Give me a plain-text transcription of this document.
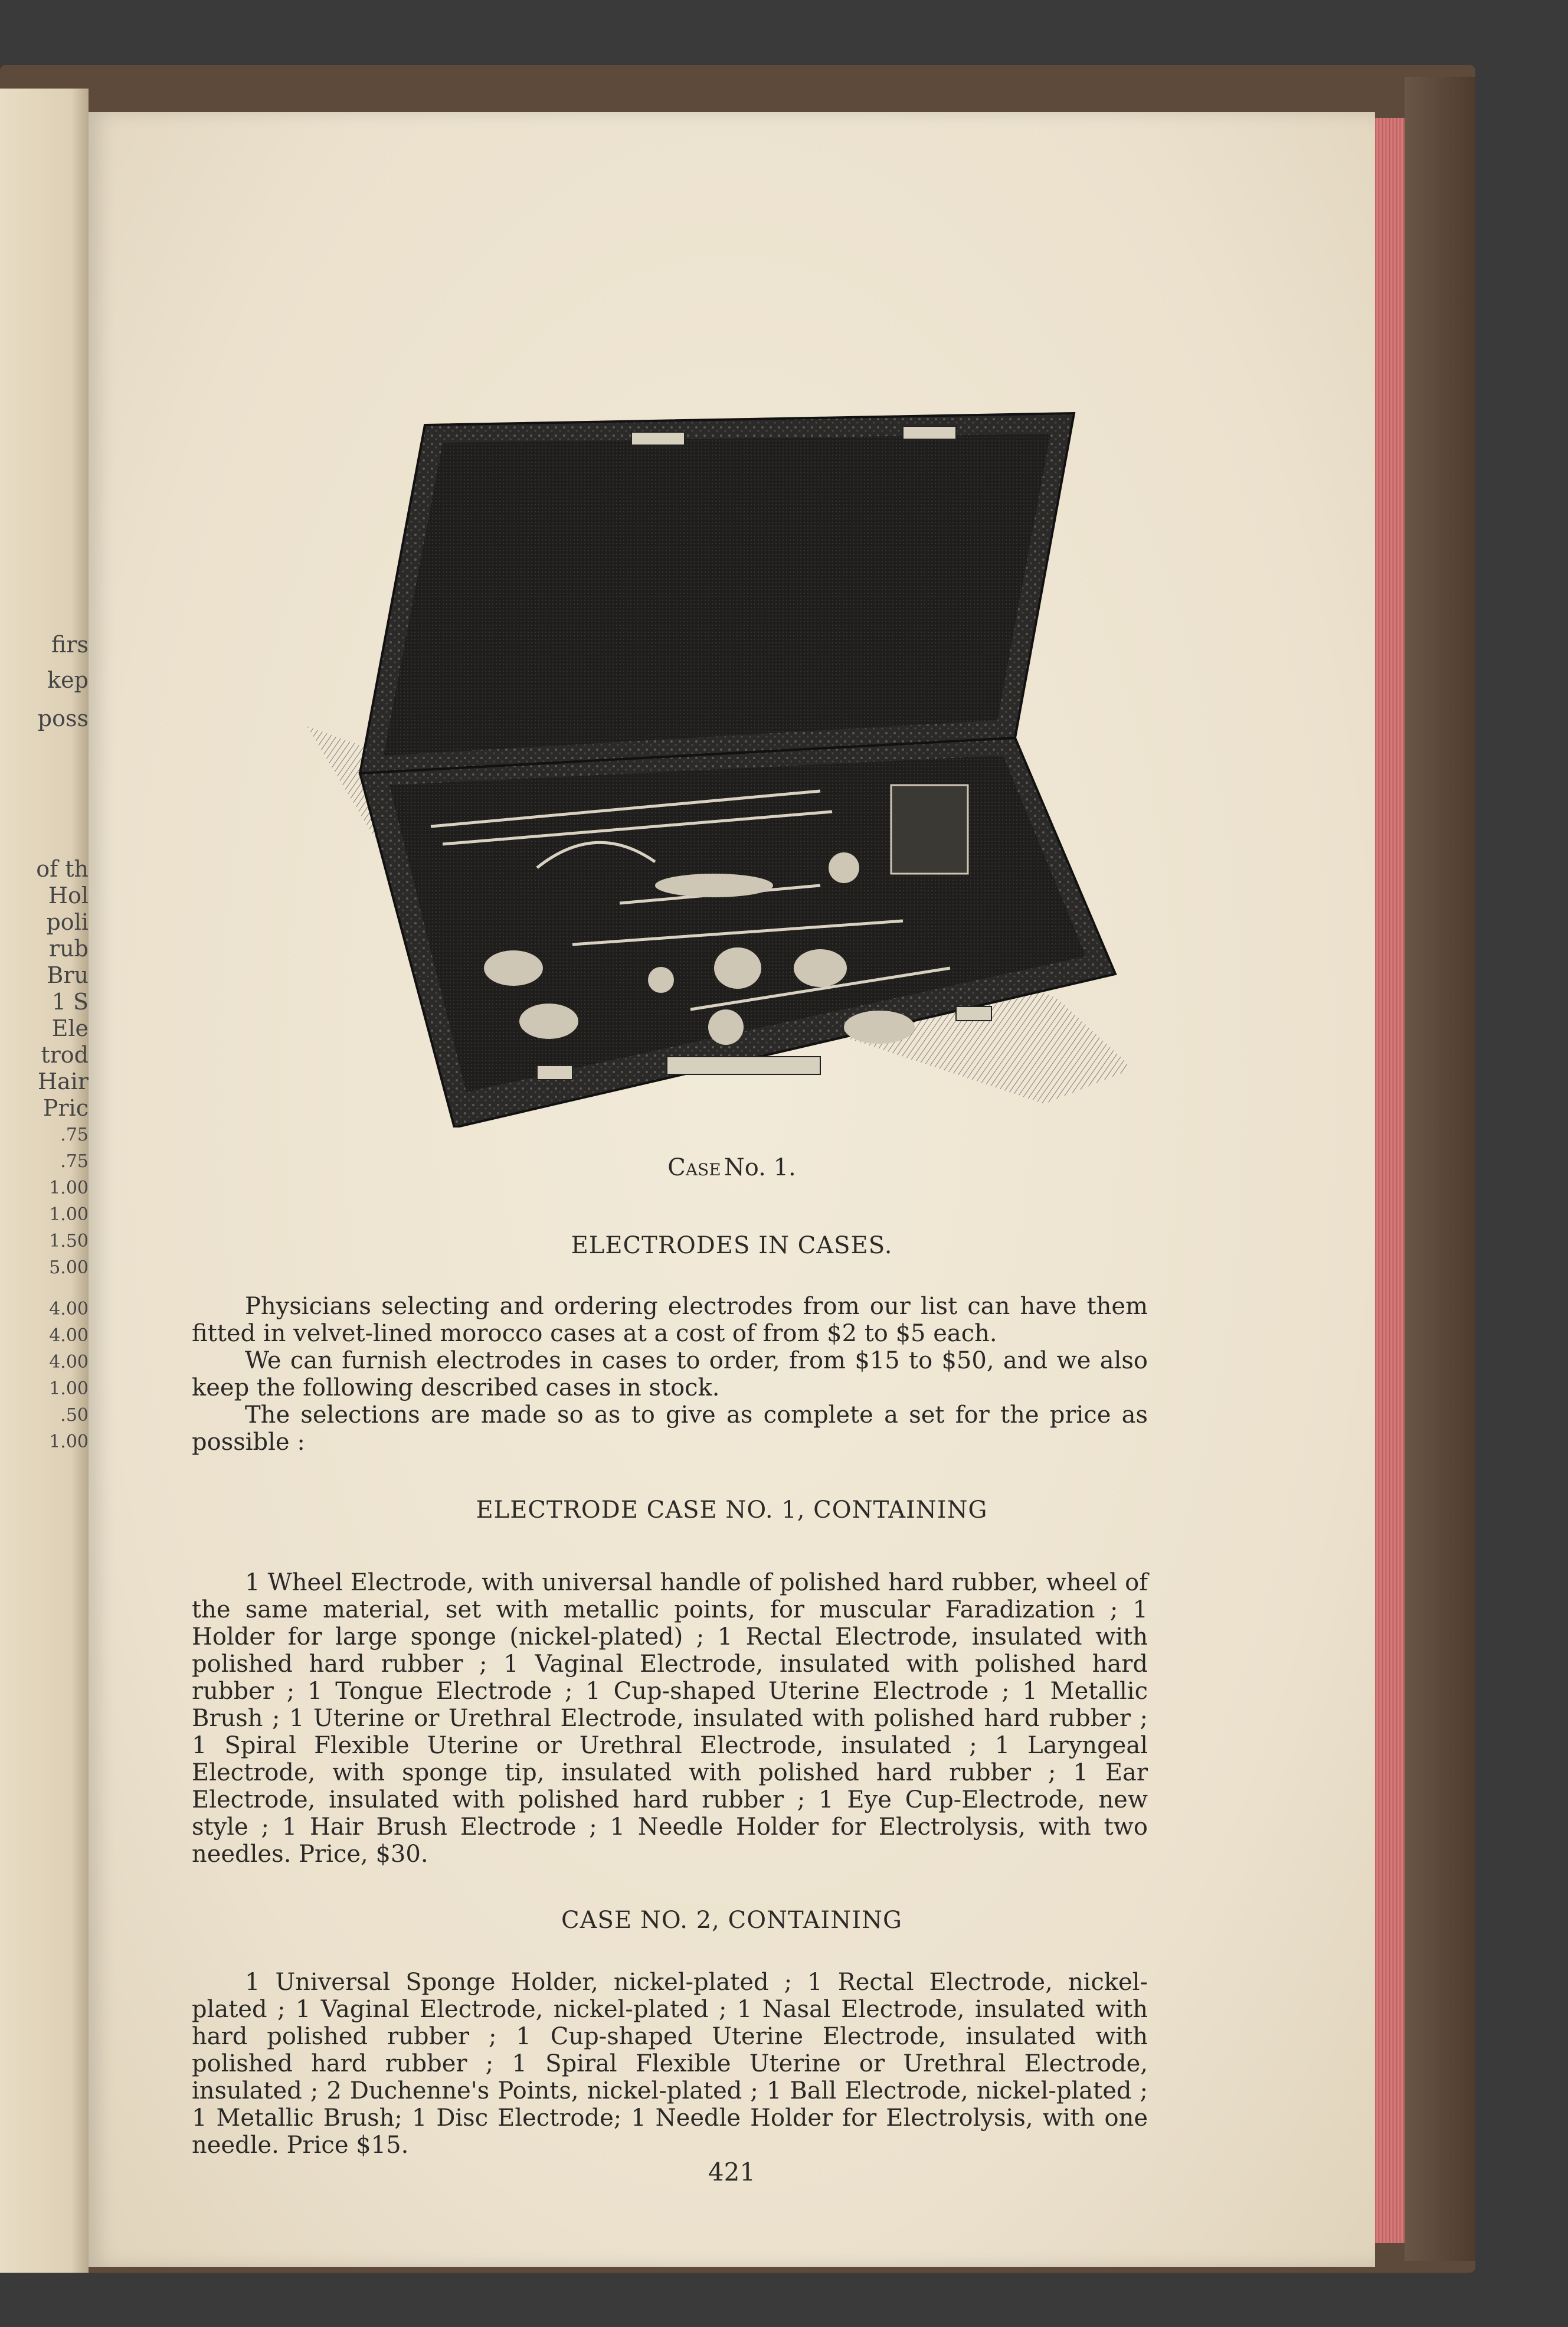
firs
kep
poss
of th
Hol
poli
rub
Bru
1 S
Ele
trod
Hair
Pric
.75
.75
1.00
1.00
1.50
5.00
4.00
4.00
4.00
1.00
.50
1.00
Case No. 1.
ELECTRODES IN CASES.

Physicians selecting and ordering electrodes from our list can have them fitted in velvet-lined morocco cases at a cost of from $2 to $5 each.

We can furnish electrodes in cases to order, from $15 to $50, and we also keep the following described cases in stock.

The selections are made so as to give as complete a set for the price as possible :

ELECTRODE CASE NO. 1, CONTAINING

1 Wheel Electrode, with universal handle of polished hard rubber, wheel of the same material, set with metallic points, for muscular Faradization ; 1 Holder for large sponge (nickel-plated) ; 1 Rectal Electrode, insulated with polished hard rubber ; 1 Vaginal Electrode, insulated with polished hard rubber ; 1 Tongue Electrode ; 1 Cup-shaped Uterine Electrode ; 1 Metallic Brush ; 1 Uterine or Urethral Electrode, insulated with polished hard rubber ; 1 Spiral Flexible Uterine or Urethral Electrode, insulated ; 1 Laryngeal Electrode, with sponge tip, insulated with polished hard rubber ; 1 Ear Electrode, insulated with polished hard rubber ; 1 Eye Cup-Electrode, new style ; 1 Hair Brush Electrode ; 1 Needle Holder for Electrolysis, with two needles. Price, $30.

CASE NO. 2, CONTAINING

1 Universal Sponge Holder, nickel-plated ; 1 Rectal Electrode, nickel-plated ; 1 Vaginal Electrode, nickel-plated ; 1 Nasal Electrode, insulated with hard polished rubber ; 1 Cup-shaped Uterine Electrode, insulated with polished hard rubber ; 1 Spiral Flexible Uterine or Urethral Electrode, insulated ; 2 Duchenne's Points, nickel-plated ; 1 Ball Electrode, nickel-plated ; 1 Metallic Brush; 1 Disc Electrode; 1 Needle Holder for Electrolysis, with one needle. Price $15.

421
